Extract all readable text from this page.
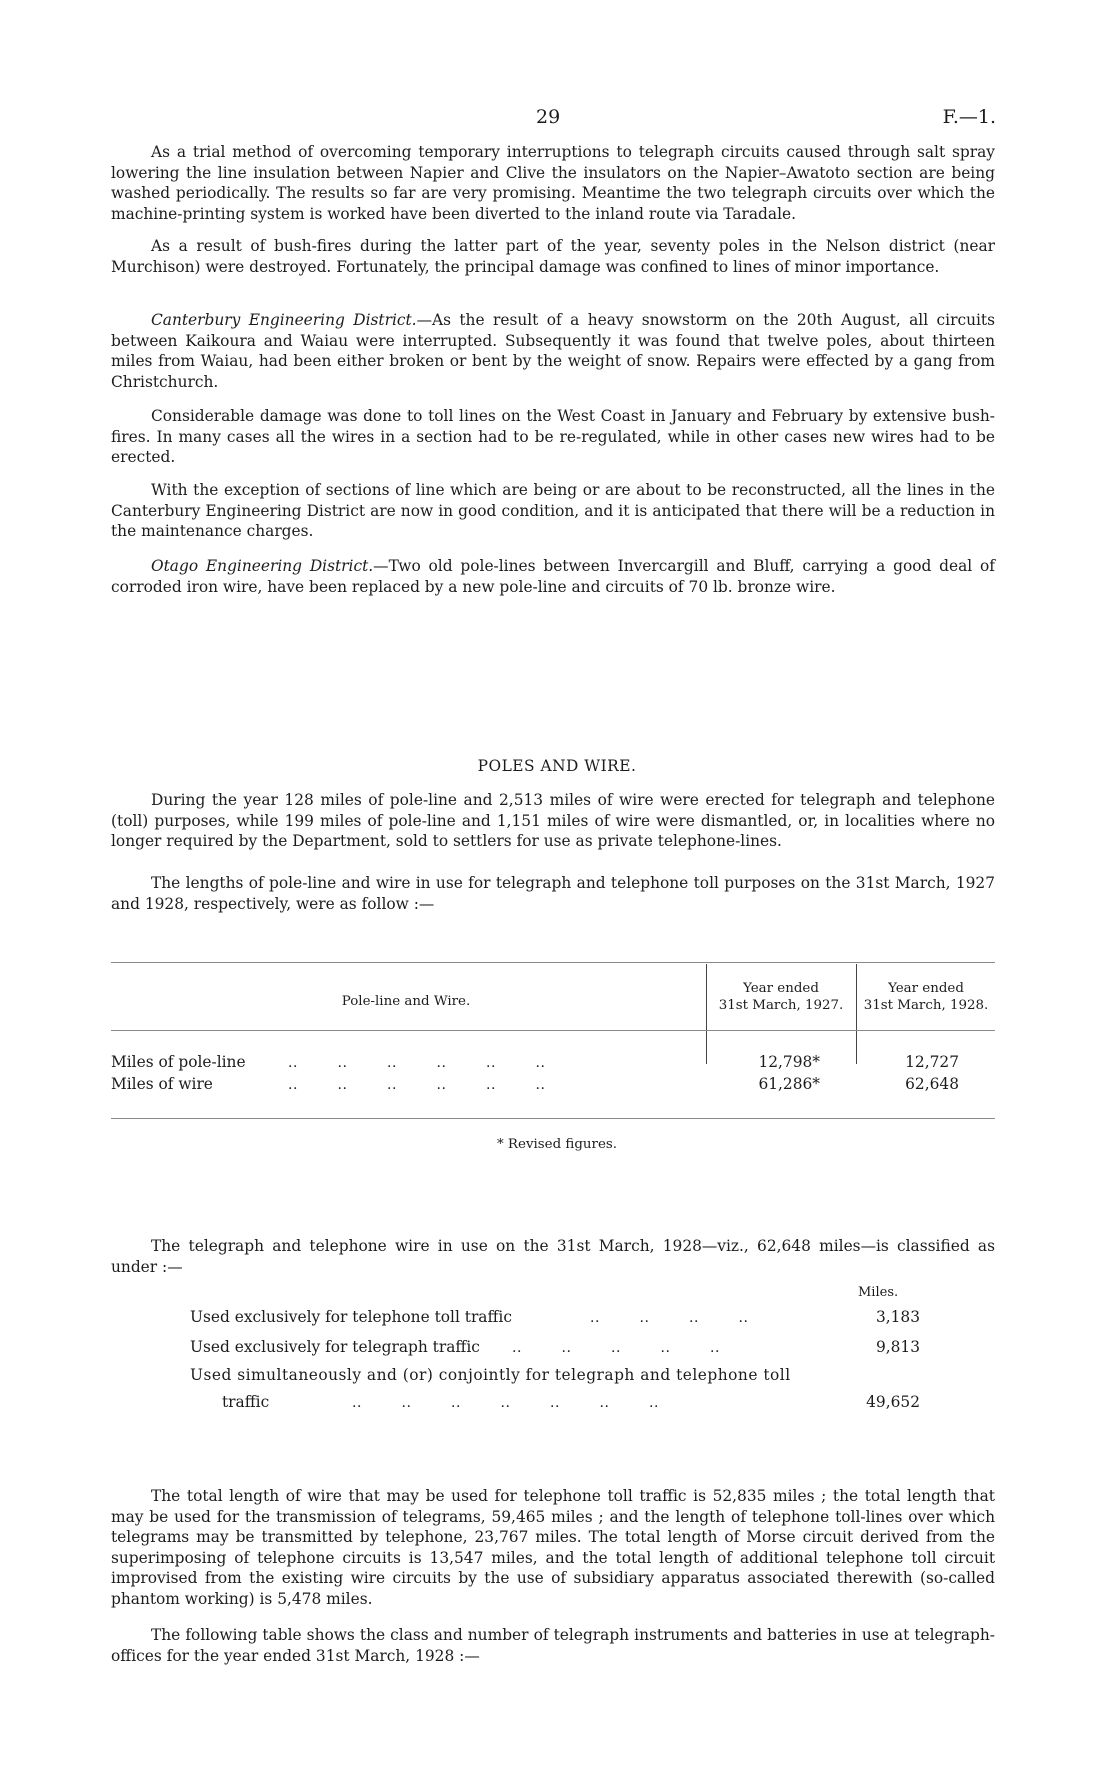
29	F.—1.

As a trial method of overcoming temporary interruptions to telegraph circuits caused through salt spray lowering the line insulation between Napier and Clive the insulators on the Napier–Awatoto section are being washed periodically. The results so far are very promising. Meantime the two telegraph circuits over which the machine-printing system is worked have been diverted to the inland route via Taradale.

As a result of bush-fires during the latter part of the year, seventy poles in the Nelson district (near Murchison) were destroyed. Fortunately, the principal damage was confined to lines of minor importance.

Canterbury Engineering District.—As the result of a heavy snowstorm on the 20th August, all circuits between Kaikoura and Waiau were interrupted. Subsequently it was found that twelve poles, about thirteen miles from Waiau, had been either broken or bent by the weight of snow. Repairs were effected by a gang from Christchurch.

Considerable damage was done to toll lines on the West Coast in January and February by extensive bush-fires. In many cases all the wires in a section had to be re-regulated, while in other cases new wires had to be erected.

With the exception of sections of line which are being or are about to be reconstructed, all the lines in the Canterbury Engineering District are now in good condition, and it is anticipated that there will be a reduction in the maintenance charges.

Otago Engineering District.—Two old pole-lines between Invercargill and Bluff, carrying a good deal of corroded iron wire, have been replaced by a new pole-line and circuits of 70 lb. bronze wire.

POLES AND WIRE.

During the year 128 miles of pole-line and 2,513 miles of wire were erected for telegraph and telephone (toll) purposes, while 199 miles of pole-line and 1,151 miles of wire were dismantled, or, in localities where no longer required by the Department, sold to settlers for use as private telephone-lines.

The lengths of pole-line and wire in use for telegraph and telephone toll purposes on the 31st March, 1927 and 1928, respectively, were as follow :—

Pole-line and Wire.
Year ended
31st March, 1927.
Year ended
31st March, 1928.
Miles of pole-line	..        ..        ..        ..        ..        ..	12,798*	12,727
Miles of wire	..        ..        ..        ..        ..        ..	61,286*	62,648
* Revised figures.

The telegraph and telephone wire in use on the 31st March, 1928—viz., 62,648 miles—is classified as under :—

Miles.
Used exclusively for telephone toll traffic	..        ..        ..        ..	3,183
Used exclusively for telegraph traffic ..        ..        ..        ..        ..	9,813
Used simultaneously and (or) conjointly for telegraph and telephone toll
traffic	..        ..        ..        ..        ..        ..        ..	49,652

The total length of wire that may be used for telephone toll traffic is 52,835 miles ; the total length that may be used for the transmission of telegrams, 59,465 miles ; and the length of telephone toll-lines over which telegrams may be transmitted by telephone, 23,767 miles. The total length of Morse circuit derived from the superimposing of telephone circuits is 13,547 miles, and the total length of additional telephone toll circuit improvised from the existing wire circuits by the use of subsidiary apparatus associated therewith (so-called phantom working) is 5,478 miles.

The following table shows the class and number of telegraph instruments and batteries in use at telegraph-offices for the year ended 31st March, 1928 :—
